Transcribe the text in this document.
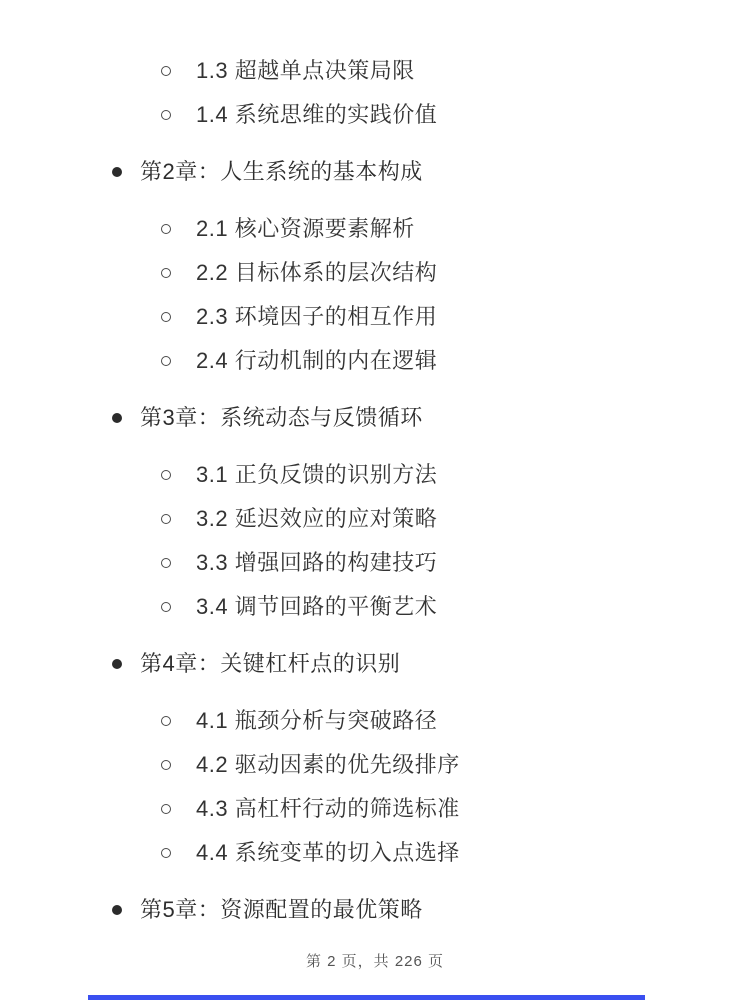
1.3 超越单点决策局限
1.4 系统思维的实践价值
第2章：人生系统的基本构成
2.1 核心资源要素解析
2.2 目标体系的层次结构
2.3 环境因子的相互作用
2.4 行动机制的内在逻辑
第3章：系统动态与反馈循环
3.1 正负反馈的识别方法
3.2 延迟效应的应对策略
3.3 增强回路的构建技巧
3.4 调节回路的平衡艺术
第4章：关键杠杆点的识别
4.1 瓶颈分析与突破路径
4.2 驱动因素的优先级排序
4.3 高杠杆行动的筛选标准
4.4 系统变革的切入点选择
第5章：资源配置的最优策略
第 2 页，共 226 页
